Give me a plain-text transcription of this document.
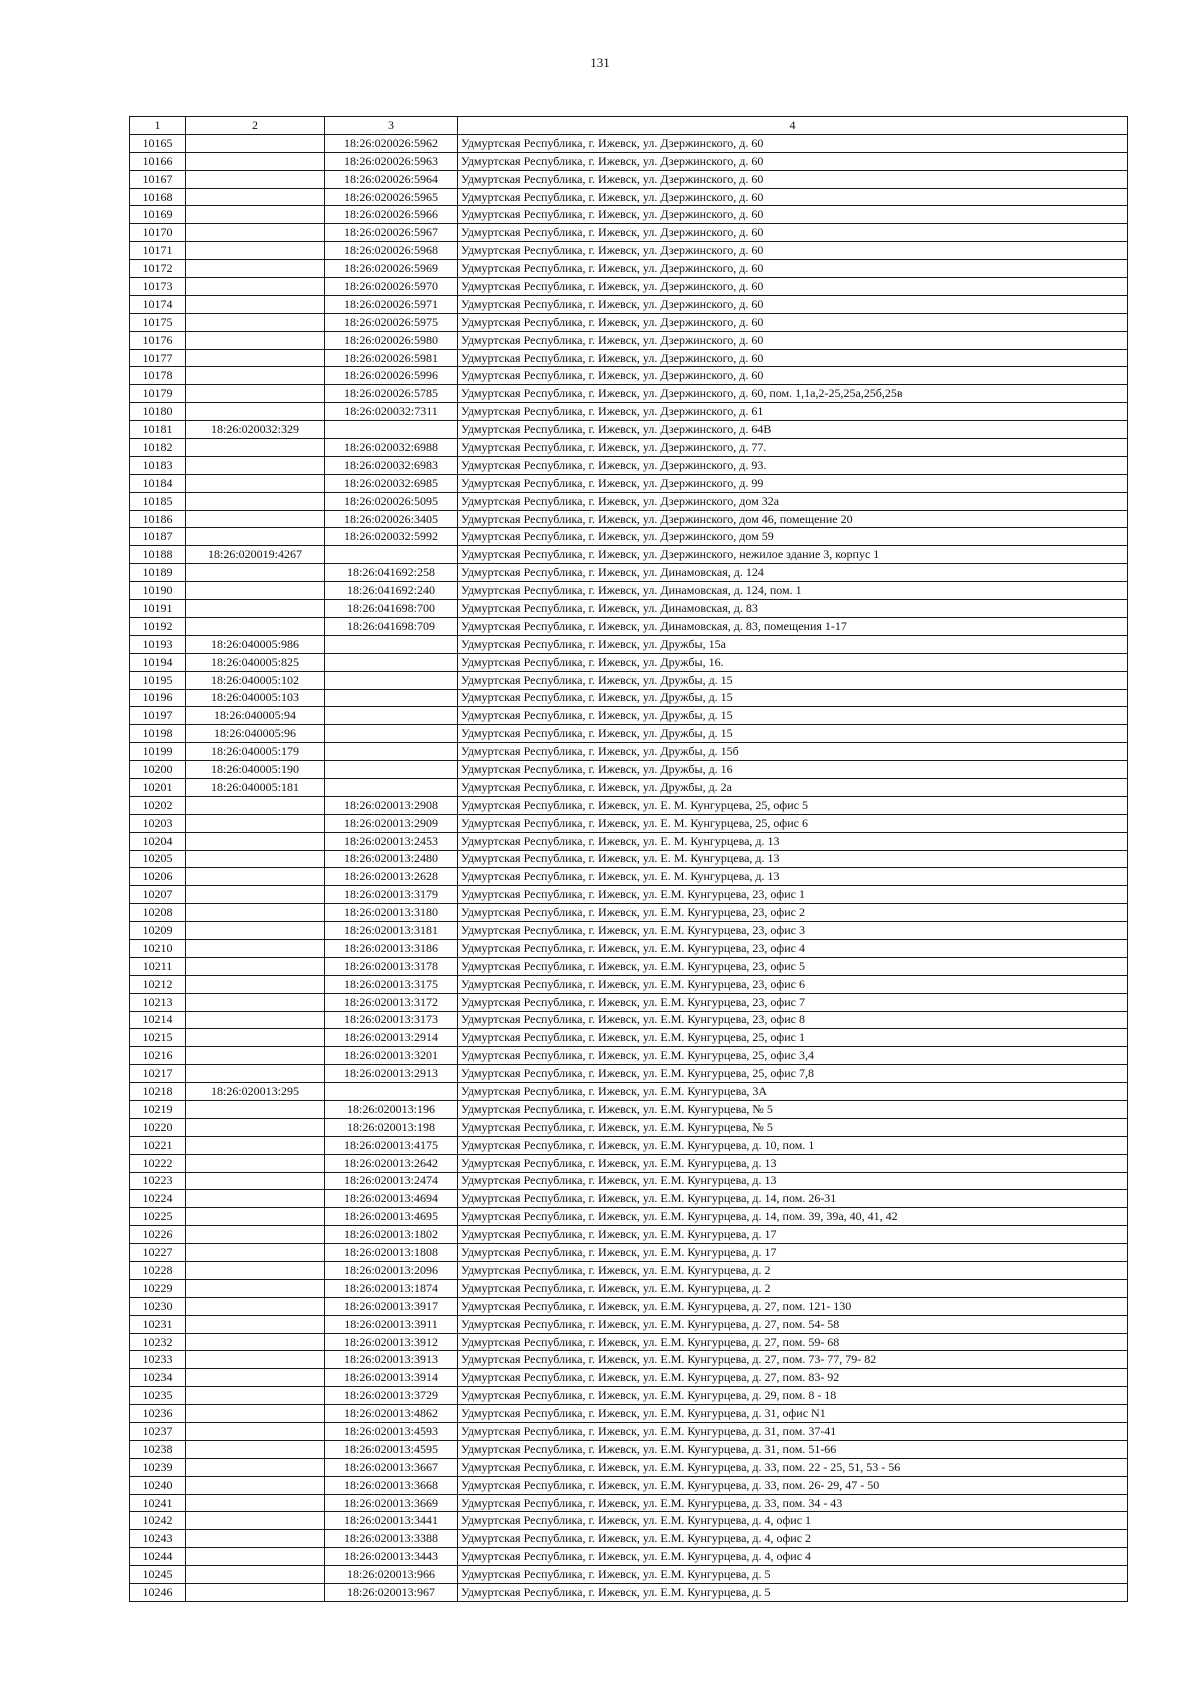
131
1	2	3	4
10165		18:26:020026:5962	Удмуртская Республика, г. Ижевск, ул. Дзержинского, д. 60
10166		18:26:020026:5963	Удмуртская Республика, г. Ижевск, ул. Дзержинского, д. 60
10167		18:26:020026:5964	Удмуртская Республика, г. Ижевск, ул. Дзержинского, д. 60
10168		18:26:020026:5965	Удмуртская Республика, г. Ижевск, ул. Дзержинского, д. 60
10169		18:26:020026:5966	Удмуртская Республика, г. Ижевск, ул. Дзержинского, д. 60
10170		18:26:020026:5967	Удмуртская Республика, г. Ижевск, ул. Дзержинского, д. 60
10171		18:26:020026:5968	Удмуртская Республика, г. Ижевск, ул. Дзержинского, д. 60
10172		18:26:020026:5969	Удмуртская Республика, г. Ижевск, ул. Дзержинского, д. 60
10173		18:26:020026:5970	Удмуртская Республика, г. Ижевск, ул. Дзержинского, д. 60
10174		18:26:020026:5971	Удмуртская Республика, г. Ижевск, ул. Дзержинского, д. 60
10175		18:26:020026:5975	Удмуртская Республика, г. Ижевск, ул. Дзержинского, д. 60
10176		18:26:020026:5980	Удмуртская Республика, г. Ижевск, ул. Дзержинского, д. 60
10177		18:26:020026:5981	Удмуртская Республика, г. Ижевск, ул. Дзержинского, д. 60
10178		18:26:020026:5996	Удмуртская Республика, г. Ижевск, ул. Дзержинского, д. 60
10179		18:26:020026:5785	Удмуртская Республика, г. Ижевск, ул. Дзержинского, д. 60, пом. 1,1а,2-25,25а,25б,25в
10180		18:26:020032:7311	Удмуртская Республика, г. Ижевск, ул. Дзержинского, д. 61
10181	18:26:020032:329		Удмуртская Республика, г. Ижевск, ул. Дзержинского, д. 64В
10182		18:26:020032:6988	Удмуртская Республика, г. Ижевск, ул. Дзержинского, д. 77.
10183		18:26:020032:6983	Удмуртская Республика, г. Ижевск, ул. Дзержинского, д. 93.
10184		18:26:020032:6985	Удмуртская Республика, г. Ижевск, ул. Дзержинского, д. 99
10185		18:26:020026:5095	Удмуртская Республика, г. Ижевск, ул. Дзержинского, дом 32а
10186		18:26:020026:3405	Удмуртская Республика, г. Ижевск, ул. Дзержинского, дом 46, помещение 20
10187		18:26:020032:5992	Удмуртская Республика, г. Ижевск, ул. Дзержинского, дом 59
10188	18:26:020019:4267		Удмуртская Республика, г. Ижевск, ул. Дзержинского, нежилое здание 3, корпус 1
10189		18:26:041692:258	Удмуртская Республика, г. Ижевск, ул. Динамовская, д. 124
10190		18:26:041692:240	Удмуртская Республика, г. Ижевск, ул. Динамовская, д. 124, пом. 1
10191		18:26:041698:700	Удмуртская Республика, г. Ижевск, ул. Динамовская, д. 83
10192		18:26:041698:709	Удмуртская Республика, г. Ижевск, ул. Динамовская, д. 83, помещения 1-17
10193	18:26:040005:986		Удмуртская Республика, г. Ижевск, ул. Дружбы, 15а
10194	18:26:040005:825		Удмуртская Республика, г. Ижевск, ул. Дружбы, 16.
10195	18:26:040005:102		Удмуртская Республика, г. Ижевск, ул. Дружбы, д. 15
10196	18:26:040005:103		Удмуртская Республика, г. Ижевск, ул. Дружбы, д. 15
10197	18:26:040005:94		Удмуртская Республика, г. Ижевск, ул. Дружбы, д. 15
10198	18:26:040005:96		Удмуртская Республика, г. Ижевск, ул. Дружбы, д. 15
10199	18:26:040005:179		Удмуртская Республика, г. Ижевск, ул. Дружбы, д. 15б
10200	18:26:040005:190		Удмуртская Республика, г. Ижевск, ул. Дружбы, д. 16
10201	18:26:040005:181		Удмуртская Республика, г. Ижевск, ул. Дружбы, д. 2а
10202		18:26:020013:2908	Удмуртская Республика, г. Ижевск, ул. Е. М. Кунгурцева, 25, офис 5
10203		18:26:020013:2909	Удмуртская Республика, г. Ижевск, ул. Е. М. Кунгурцева, 25, офис 6
10204		18:26:020013:2453	Удмуртская Республика, г. Ижевск, ул. Е. М. Кунгурцева, д. 13
10205		18:26:020013:2480	Удмуртская Республика, г. Ижевск, ул. Е. М. Кунгурцева, д. 13
10206		18:26:020013:2628	Удмуртская Республика, г. Ижевск, ул. Е. М. Кунгурцева, д. 13
10207		18:26:020013:3179	Удмуртская Республика, г. Ижевск, ул. Е.М. Кунгурцева, 23, офис 1
10208		18:26:020013:3180	Удмуртская Республика, г. Ижевск, ул. Е.М. Кунгурцева, 23, офис 2
10209		18:26:020013:3181	Удмуртская Республика, г. Ижевск, ул. Е.М. Кунгурцева, 23, офис 3
10210		18:26:020013:3186	Удмуртская Республика, г. Ижевск, ул. Е.М. Кунгурцева, 23, офис 4
10211		18:26:020013:3178	Удмуртская Республика, г. Ижевск, ул. Е.М. Кунгурцева, 23, офис 5
10212		18:26:020013:3175	Удмуртская Республика, г. Ижевск, ул. Е.М. Кунгурцева, 23, офис 6
10213		18:26:020013:3172	Удмуртская Республика, г. Ижевск, ул. Е.М. Кунгурцева, 23, офис 7
10214		18:26:020013:3173	Удмуртская Республика, г. Ижевск, ул. Е.М. Кунгурцева, 23, офис 8
10215		18:26:020013:2914	Удмуртская Республика, г. Ижевск, ул. Е.М. Кунгурцева, 25, офис 1
10216		18:26:020013:3201	Удмуртская Республика, г. Ижевск, ул. Е.М. Кунгурцева, 25, офис 3,4
10217		18:26:020013:2913	Удмуртская Республика, г. Ижевск, ул. Е.М. Кунгурцева, 25, офис 7,8
10218	18:26:020013:295		Удмуртская Республика, г. Ижевск, ул. Е.М. Кунгурцева, 3А
10219		18:26:020013:196	Удмуртская Республика, г. Ижевск, ул. Е.М. Кунгурцева, № 5
10220		18:26:020013:198	Удмуртская Республика, г. Ижевск, ул. Е.М. Кунгурцева, № 5
10221		18:26:020013:4175	Удмуртская Республика, г. Ижевск, ул. Е.М. Кунгурцева, д. 10, пом. 1
10222		18:26:020013:2642	Удмуртская Республика, г. Ижевск, ул. Е.М. Кунгурцева, д. 13
10223		18:26:020013:2474	Удмуртская Республика, г. Ижевск, ул. Е.М. Кунгурцева, д. 13
10224		18:26:020013:4694	Удмуртская Республика, г. Ижевск, ул. Е.М. Кунгурцева, д. 14, пом. 26-31
10225		18:26:020013:4695	Удмуртская Республика, г. Ижевск, ул. Е.М. Кунгурцева, д. 14, пом. 39, 39а, 40, 41, 42
10226		18:26:020013:1802	Удмуртская Республика, г. Ижевск, ул. Е.М. Кунгурцева, д. 17
10227		18:26:020013:1808	Удмуртская Республика, г. Ижевск, ул. Е.М. Кунгурцева, д. 17
10228		18:26:020013:2096	Удмуртская Республика, г. Ижевск, ул. Е.М. Кунгурцева, д. 2
10229		18:26:020013:1874	Удмуртская Республика, г. Ижевск, ул. Е.М. Кунгурцева, д. 2
10230		18:26:020013:3917	Удмуртская Республика, г. Ижевск, ул. Е.М. Кунгурцева, д. 27, пом. 121- 130
10231		18:26:020013:3911	Удмуртская Республика, г. Ижевск, ул. Е.М. Кунгурцева, д. 27, пом. 54- 58
10232		18:26:020013:3912	Удмуртская Республика, г. Ижевск, ул. Е.М. Кунгурцева, д. 27, пом. 59- 68
10233		18:26:020013:3913	Удмуртская Республика, г. Ижевск, ул. Е.М. Кунгурцева, д. 27, пом. 73- 77, 79- 82
10234		18:26:020013:3914	Удмуртская Республика, г. Ижевск, ул. Е.М. Кунгурцева, д. 27, пом. 83- 92
10235		18:26:020013:3729	Удмуртская Республика, г. Ижевск, ул. Е.М. Кунгурцева, д. 29, пом. 8 - 18
10236		18:26:020013:4862	Удмуртская Республика, г. Ижевск, ул. Е.М. Кунгурцева, д. 31, офис N1
10237		18:26:020013:4593	Удмуртская Республика, г. Ижевск, ул. Е.М. Кунгурцева, д. 31, пом. 37-41
10238		18:26:020013:4595	Удмуртская Республика, г. Ижевск, ул. Е.М. Кунгурцева, д. 31, пом. 51-66
10239		18:26:020013:3667	Удмуртская Республика, г. Ижевск, ул. Е.М. Кунгурцева, д. 33, пом. 22 - 25, 51, 53 - 56
10240		18:26:020013:3668	Удмуртская Республика, г. Ижевск, ул. Е.М. Кунгурцева, д. 33, пом. 26- 29, 47 - 50
10241		18:26:020013:3669	Удмуртская Республика, г. Ижевск, ул. Е.М. Кунгурцева, д. 33, пом. 34 - 43
10242		18:26:020013:3441	Удмуртская Республика, г. Ижевск, ул. Е.М. Кунгурцева, д. 4, офис 1
10243		18:26:020013:3388	Удмуртская Республика, г. Ижевск, ул. Е.М. Кунгурцева, д. 4, офис 2
10244		18:26:020013:3443	Удмуртская Республика, г. Ижевск, ул. Е.М. Кунгурцева, д. 4, офис 4
10245		18:26:020013:966	Удмуртская Республика, г. Ижевск, ул. Е.М. Кунгурцева, д. 5
10246		18:26:020013:967	Удмуртская Республика, г. Ижевск, ул. Е.М. Кунгурцева, д. 5
